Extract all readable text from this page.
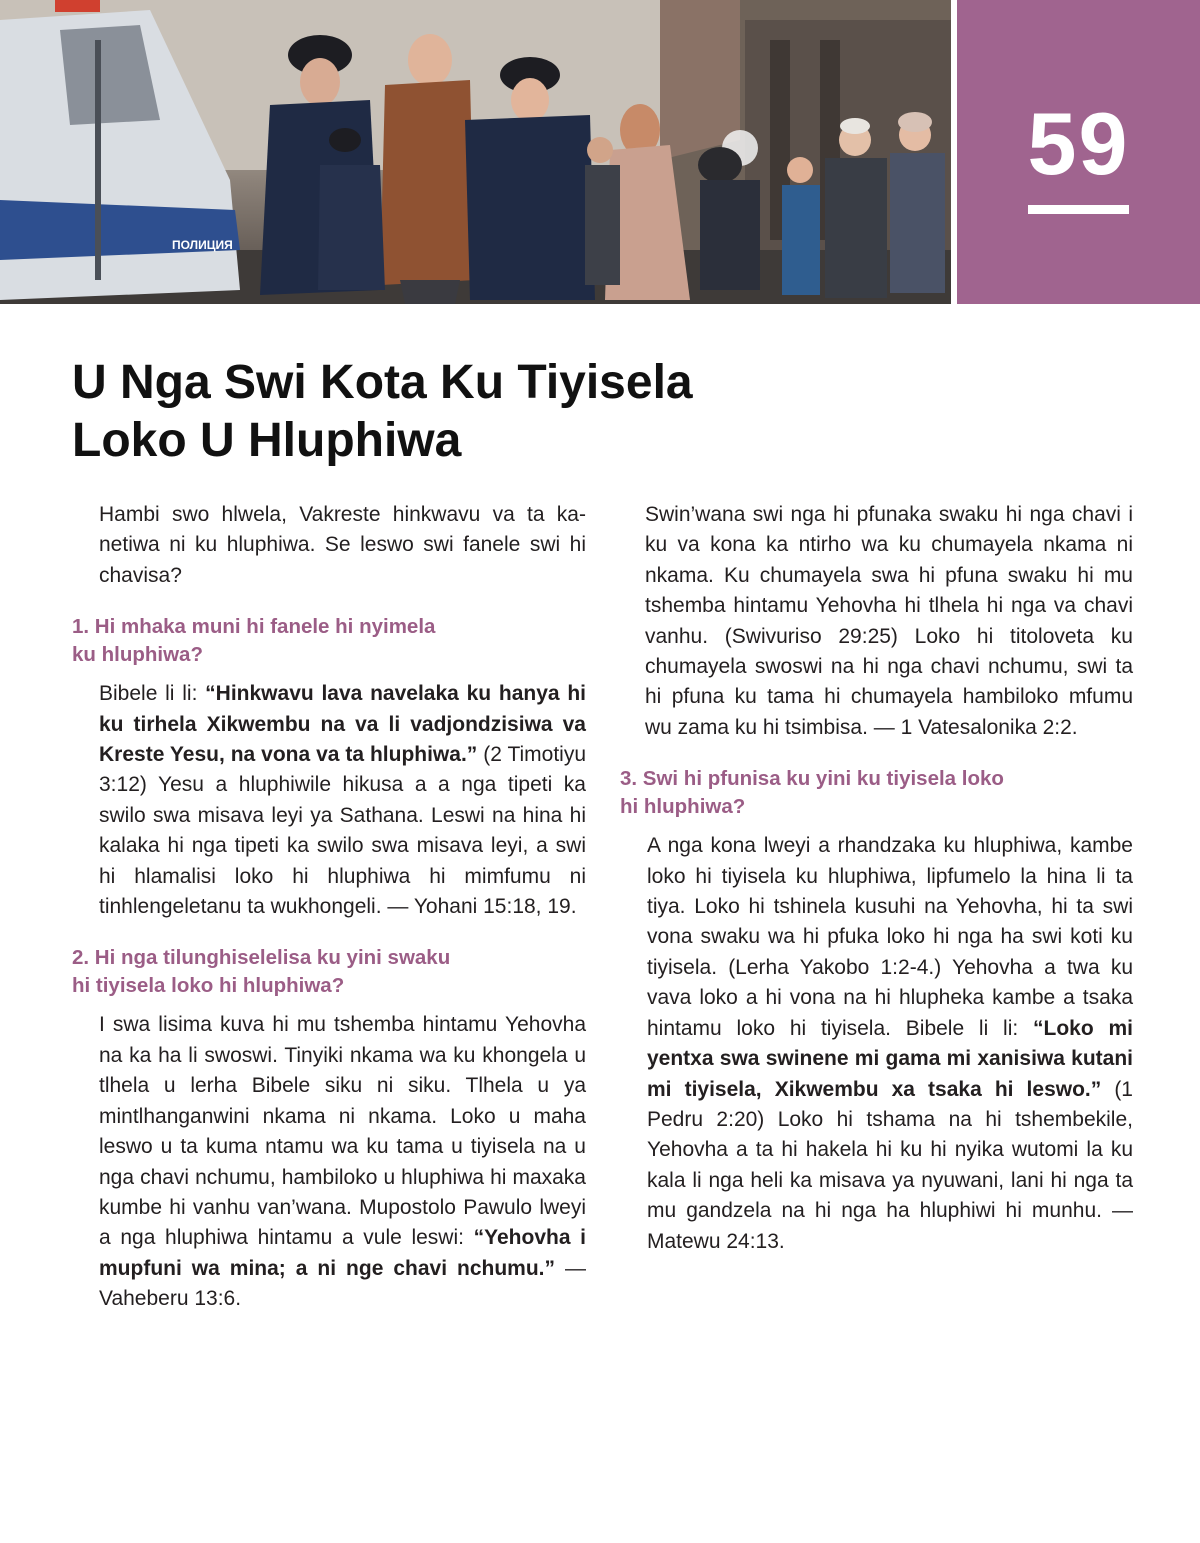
ПОЛИЦИЯ
59
U Nga Swi Kota Ku Tiyisela
Loko U Hluphiwa

Hambi swo hlwela, Vakreste hinkwavu va ta kanetiwa ni ku hluphiwa. Se leswo swi fanele swi hi chavisa?

1. Hi mhaka muni hi fanele hi nyimela
ku hluphiwa?

Bibele li li: “Hinkwavu lava navelaka ku hanya hi ku tirhela Xikwembu na va li vadjondzisiwa va Kreste Yesu, na vona va ta hluphiwa.” (2 Timotiyu 3:12) Yesu a hluphiwile hikusa a a nga tipeti ka swilo swa misava leyi ya Sathana. Leswi na hina hi kalaka hi nga tipeti ka swilo swa misava leyi, a swi hi hlamalisi loko hi hluphiwa hi mimfumu ni tinhlengeletanu ta wukhongeli. — Yohani 15:18, 19.

2. Hi nga tilunghiselelisa ku yini swaku
hi tiyisela loko hi hluphiwa?

I swa lisima kuva hi mu tshemba hintamu Yehovha na ka ha li swoswi. Tinyiki nkama wa ku khongela u tlhela u lerha Bibele siku ni siku. Tlhela u ya mintlhanganwini nkama ni nkama. Loko u maha leswo u ta kuma ntamu wa ku tama u tiyisela na u nga chavi nchumu, hambiloko u hluphiwa hi maxaka kumbe hi vanhu van’wana. Mupostolo Pawulo lweyi a nga hluphiwa hintamu a vule leswi: “Yehovha i mupfuni wa mina; a ni nge chavi nchumu.” — Vaheberu 13:6.

Swin’wana swi nga hi pfunaka swaku hi nga chavi i ku va kona ka ntirho wa ku chumayela nkama ni nkama. Ku chumayela swa hi pfuna swaku hi mu tshemba hintamu Yehovha hi tlhela hi nga va chavi vanhu. (Swivuriso 29:25) Loko hi titoloveta ku chumayela swoswi na hi nga chavi nchumu, swi ta hi pfuna ku tama hi chumayela hambiloko mfumu wu zama ku hi tsimbisa. — 1 Vatesalonika 2:2.

3. Swi hi pfunisa ku yini ku tiyisela loko
hi hluphiwa?

A nga kona lweyi a rhandzaka ku hluphiwa, kambe loko hi tiyisela ku hluphiwa, lipfumelo la hina li ta tiya. Loko hi tshinela kusuhi na Yehovha, hi ta swi vona swaku wa hi pfuka loko hi nga ha swi koti ku tiyisela. (Lerha Yakobo 1:2-4.) Yehovha a twa ku vava loko a hi vona na hi hlupheka kambe a tsaka hintamu loko hi tiyisela. Bibele li li: “Loko mi yentxa swa swinene mi gama mi xanisiwa kutani mi tiyisela, Xikwembu xa tsaka hi leswo.” (1 Pedru 2:20) Loko hi tshama na hi tshembekile, Yehovha a ta hi hakela hi ku hi nyika wutomi la ku kala li nga heli ka misava ya nyuwani, lani hi nga ta mu gandzela na hi nga ha hluphiwi hi munhu. — Matewu 24:13.
